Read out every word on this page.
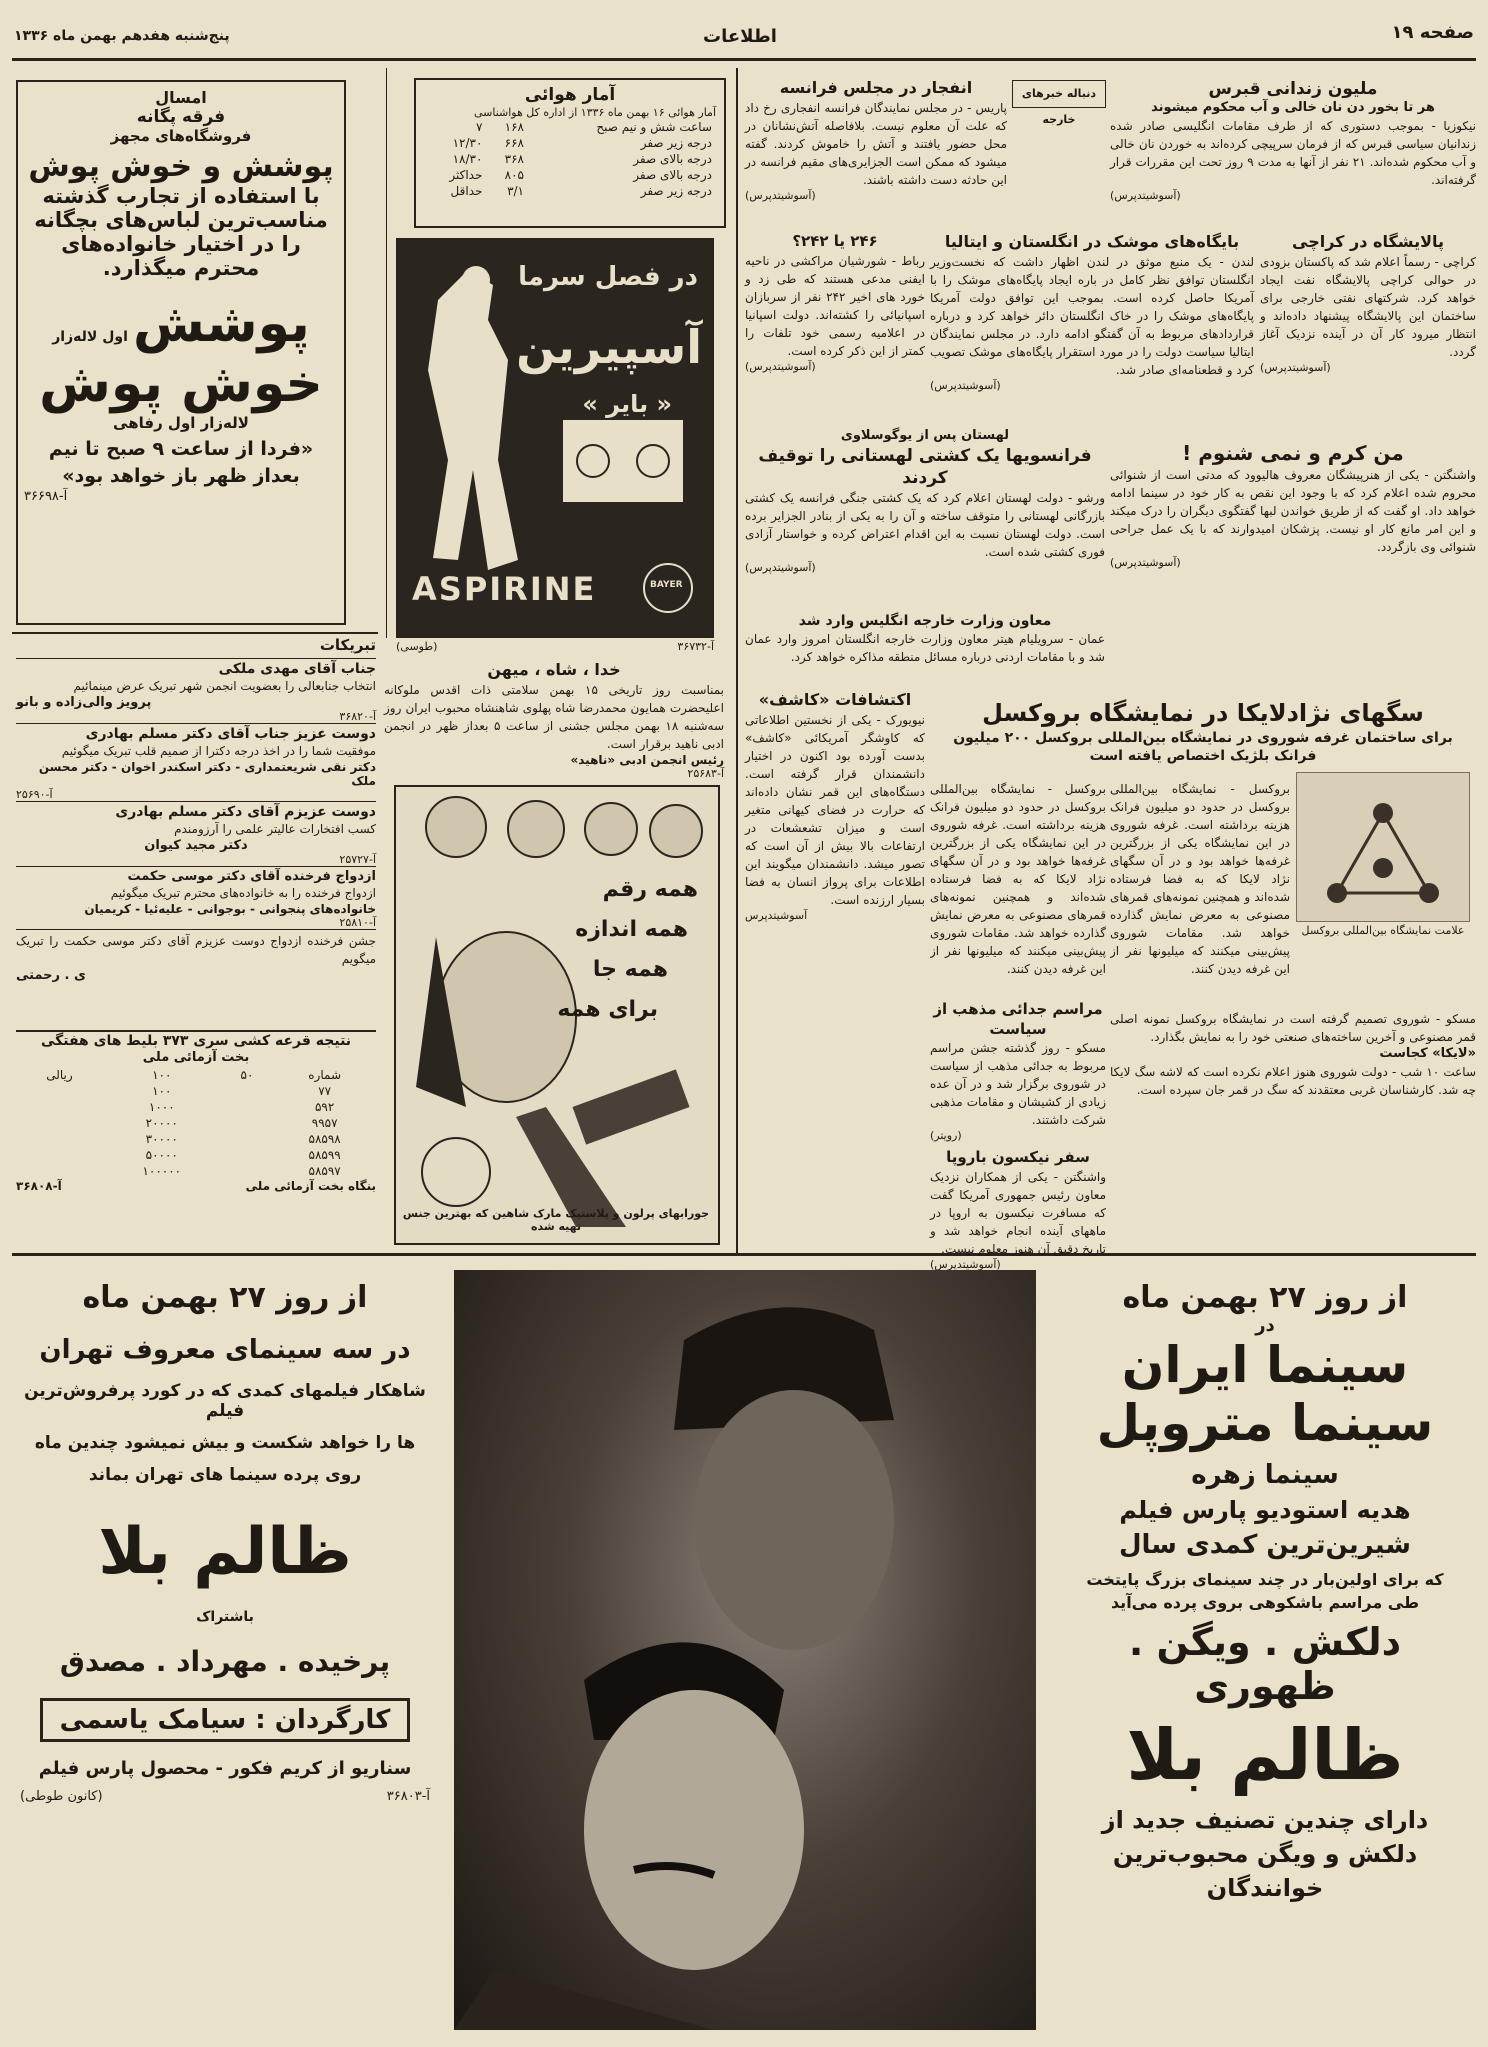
صفحه ۱۹
اطلاعات
پنج‌شنبه هفدهم بهمن ماه ۱۳۳۶
امسال
فرقه پگانه
فروشگاه‌های مجهز
پوشش و خوش پوش
با استفاده از تجارب گذشته
مناسب‌ترین لباس‌های بچگانه
را در اختیار خانواده‌های
محترم میگذارد.
پوشش اول لاله‌زار
خوش پوش
لاله‌زار اول رفاهی
«فردا از ساعت ۹ صبح تا نیم بعداز ظهر باز خواهد بود»
آ-۳۶۶۹۸
آمار هوائی
آمار هوائی ۱۶ بهمن ماه ۱۳۳۶ از اداره کل هواشناسی
ساعت شش و نیم صبح	۱۶۸	۷
درجه زیر صفر	۶۶۸	۱۲/۳۰
درجه بالای صفر	۳۶۸	۱۸/۳۰
درجه بالای صفر	۸۰۵	حداکثر
درجه زیر صفر	۳/۱	حداقل
در فصل سرما
آسپیرین
« بایر »
ASPIRINE	BAYER
آ-۳۶۷۳۲
(طوسی)
خدا ، شاه ، میهن
بمناسبت روز تاریخی ۱۵ بهمن سلامتی ذات اقدس ملوکانه اعلیحضرت همایون محمدرضا شاه پهلوی شاهنشاه محبوب ایران روز سه‌شنبه ۱۸ بهمن مجلس جشنی از ساعت ۵ بعداز ظهر در انجمن ادبی ناهید برقرار است.
رئیس انجمن ادبی «ناهید»
آ-۲۵۶۸۳
همه رقم
همه اندازه
همه جا
برای همه
جورابهای پرلون و پلاستیک مارک شاهین که بهترین جنس تهیه شده
ملیون زندانی قبرس
هر تا بخور دن نان خالی و آب محکوم میشوند
نیکوزیا - بموجب دستوری که از طرف مقامات انگلیسی صادر شده زندانیان سیاسی قبرس که از فرمان سرپیچی کرده‌اند به خوردن نان خالی و آب محکوم شده‌اند. ۲۱ نفر از آنها به مدت ۹ روز تحت این مقررات قرار گرفته‌اند.
(آسوشیتدپرس)
دنباله خبرهای خارجه
انفجار در مجلس فرانسه
پاریس - در مجلس نمایندگان فرانسه انفجاری رخ داد که علت آن معلوم نیست. بلافاصله آتش‌نشانان در محل حضور یافتند و آتش را خاموش کردند. گفته میشود که ممکن است الجزایری‌های مقیم فرانسه در این حادثه دست داشته باشند.
(آسوشیتدپرس)
پالایشگاه در کراچی
کراچی - رسماً اعلام شد که پاکستان بزودی در حوالی کراچی پالایشگاه نفت ایجاد خواهد کرد. شرکتهای نفتی خارجی برای ساختمان این پالایشگاه پیشنهاد داده‌اند و انتظار میرود کار آن در آینده نزدیک آغاز گردد.
(آسوشیتدپرس)
بایگاه‌های موشک در انگلستان و ایتالیا
لندن - یک منبع موثق در لندن اظهار داشت که نخست‌وزیر انگلستان توافق نظر کامل در باره ایجاد پایگاه‌های موشک را با آمریکا حاصل کرده است. بموجب این توافق دولت آمریکا پایگاه‌های موشک را در خاک انگلستان دائر خواهد کرد و درباره قراردادهای مربوط به آن گفتگو ادامه دارد. در مجلس نمایندگان ایتالیا سیاست دولت را در مورد استقرار پایگاه‌های موشک تصویب کرد و قطعنامه‌ای صادر شد.
(آسوشیتدپرس)
۲۴۶ یا ۲۴۲؟
رباط - شورشیان مراکشی در ناحیه ایفنی مدعی هستند که طی زد و خورد های اخیر ۲۴۲ نفر از سربازان اسپانیائی را کشته‌اند. دولت اسپانیا در اعلامیه رسمی خود تلفات را کمتر از این ذکر کرده است.
(آسوشیتدپرس)
من کرم و نمی شنوم !
واشنگتن - یکی از هنرپیشگان معروف هالیوود که مدتی است از شنوائی محروم شده اعلام کرد که با وجود این نقص به کار خود در سینما ادامه خواهد داد. او گفت که از طریق خواندن لبها گفتگوی دیگران را درک میکند و این امر مانع کار او نیست. پزشکان امیدوارند که با یک عمل جراحی شنوائی وی بازگردد.
(آسوشیتدپرس)
لهستان پس از یوگوسلاوی
فرانسویها یک کشتی لهستانی را توقیف کردند
ورشو - دولت لهستان اعلام کرد که یک کشتی جنگی فرانسه یک کشتی بازرگانی لهستانی را متوقف ساخته و آن را به یکی از بنادر الجزایر برده است. دولت لهستان نسبت به این اقدام اعتراض کرده و خواستار آزادی فوری کشتی شده است.
(آسوشیتدپرس)
معاون وزارت خارجه انگلیس وارد شد
عمان - سرویلیام هیتر معاون وزارت خارجه انگلستان امروز وارد عمان شد و با مقامات اردنی درباره مسائل منطقه مذاکره خواهد کرد.
سگهای نژادلایکا در نمایشگاه بروکسل
برای ساختمان غرفه شوروی در نمایشگاه بین‌المللی بروکسل ۲۰۰ میلیون فرانک بلژیک اختصاص یافته است
علامت نمایشگاه بین‌المللی بروکسل
بروکسل - نمایشگاه بین‌المللی بروکسل در حدود دو میلیون فرانک هزینه برداشته است. غرفه شوروی در این نمایشگاه یکی از بزرگترین غرفه‌ها خواهد بود و در آن سگهای نژاد لایکا که به فضا فرستاده شده‌اند و همچنین نمونه‌های قمرهای مصنوعی به معرض نمایش گذارده خواهد شد. مقامات شوروی پیش‌بینی میکنند که میلیونها نفر از این غرفه دیدن کنند.
بروکسل - نمایشگاه بین‌المللی بروکسل در حدود دو میلیون فرانک هزینه برداشته است. غرفه شوروی در این نمایشگاه یکی از بزرگترین غرفه‌ها خواهد بود و در آن سگهای نژاد لایکا که به فضا فرستاده شده‌اند و همچنین نمونه‌های قمرهای مصنوعی به معرض نمایش گذارده خواهد شد. مقامات شوروی پیش‌بینی میکنند که میلیونها نفر از این غرفه دیدن کنند.
مسکو - شوروی تصمیم گرفته است در نمایشگاه بروکسل نمونه اصلی قمر مصنوعی و آخرین ساخته‌های صنعتی خود را به نمایش بگذارد.
«لایکا» کجاست
ساعت ۱۰ شب - دولت شوروی هنوز اعلام نکرده است که لاشه سگ لایکا چه شد. کارشناسان غربی معتقدند که سگ در قمر جان سپرده است.
اکتشافات «کاشف»
نیویورک - یکی از نخستین اطلاعاتی که کاوشگر آمریکائی «کاشف» بدست آورده بود اکنون در اختیار دانشمندان قرار گرفته است. دستگاه‌های این قمر نشان داده‌اند که حرارت در فضای کیهانی متغیر است و میزان تشعشعات در ارتفاعات بالا بیش از آن است که تصور میشد. دانشمندان میگویند این اطلاعات برای پرواز انسان به فضا بسیار ارزنده است.
آسوشیتدپرس
مراسم جدائی مذهب از سیاست
مسکو - روز گذشته جشن مراسم مربوط به جدائی مذهب از سیاست در شوروی برگزار شد و در آن عده زیادی از کشیشان و مقامات مذهبی شرکت داشتند.
(رویتر)
سفر نیکسون باروپا
واشنگتن - یکی از همکاران نزدیک معاون رئیس جمهوری آمریکا گفت که مسافرت نیکسون به اروپا در ماههای آینده انجام خواهد شد و تاریخ دقیق آن هنوز معلوم نیست.
(آسوشیتدپرس)
تبریکات
جناب آقای مهدی ملکی
انتخاب جنابعالی را بعضویت انجمن شهر تبریک عرض مینمائیم
پرویز والی‌زاده و بانو
آ-۳۶۸۲۰
دوست عزیز جناب آقای دکتر مسلم بهادری
موفقیت شما را در اخذ درجه دکترا از صمیم قلب تبریک میگوئیم
دکتر نقی شریعتمداری - دکتر اسکندر اخوان - دکتر محسن ملک
آ-۲۵۶۹۰
دوست عزیزم آقای دکتر مسلم بهادری
کسب افتخارات عالیتر علمی را آرزومندم
دکتر مجید کیوان
آ-۲۵۷۲۷
ازدواج فرخنده آقای دکتر موسی حکمت
ازدواج فرخنده را به خانواده‌های محترم تبریک میگوئیم
خانواده‌های پنجوانی - بوجوانی - علیه‌ئیا - کریمیان
آ-۲۵۸۱۰
جشن فرخنده ازدواج دوست عزیزم آقای دکتر موسی حکمت را تبریک میگویم
ی . رحمتی
نتیجه قرعه کشی سری ۳۷۳ بلیط های هفتگی
بخت آزمائی ملی
شماره	۵۰	۱۰۰	ریالی
۷۷		۱۰۰	
۵۹۲		۱۰۰۰	
۹۹۵۷		۲۰۰۰۰	
۵۸۵۹۸		۳۰۰۰۰	
۵۸۵۹۹		۵۰۰۰۰	
۵۸۵۹۷		۱۰۰۰۰۰	
بنگاه بخت آزمائی ملی
آ-۳۶۸۰۸
از روز ۲۷ بهمن ماه
در سه سینمای معروف تهران
شاهکار فیلمهای کمدی که در کورد پرفروش‌ترین فیلم
ها را خواهد شکست و بیش نمیشود چندین ماه
روی پرده سینما های تهران بماند
ظالم بلا
باشتراک
پرخیده . مهرداد . مصدق
کارگردان : سیامک یاسمی
سناریو از کریم فکور - محصول پارس فیلم
آ-۳۶۸۰۳
(کانون طوطی)
از روز ۲۷ بهمن ماه
در
سینما ایران
سینما متروپل
سینما زهره
هدیه استودیو پارس فیلم
شیرین‌ترین کمدی سال
که برای اولین‌بار در چند سینمای بزرگ پایتخت
طی مراسم باشکوهی بروی پرده می‌آید
دلکش . ویگن . ظهوری
ظالم بلا
دارای چندین تصنیف جدید از
دلکش و ویگن محبوب‌ترین
خوانندگان
